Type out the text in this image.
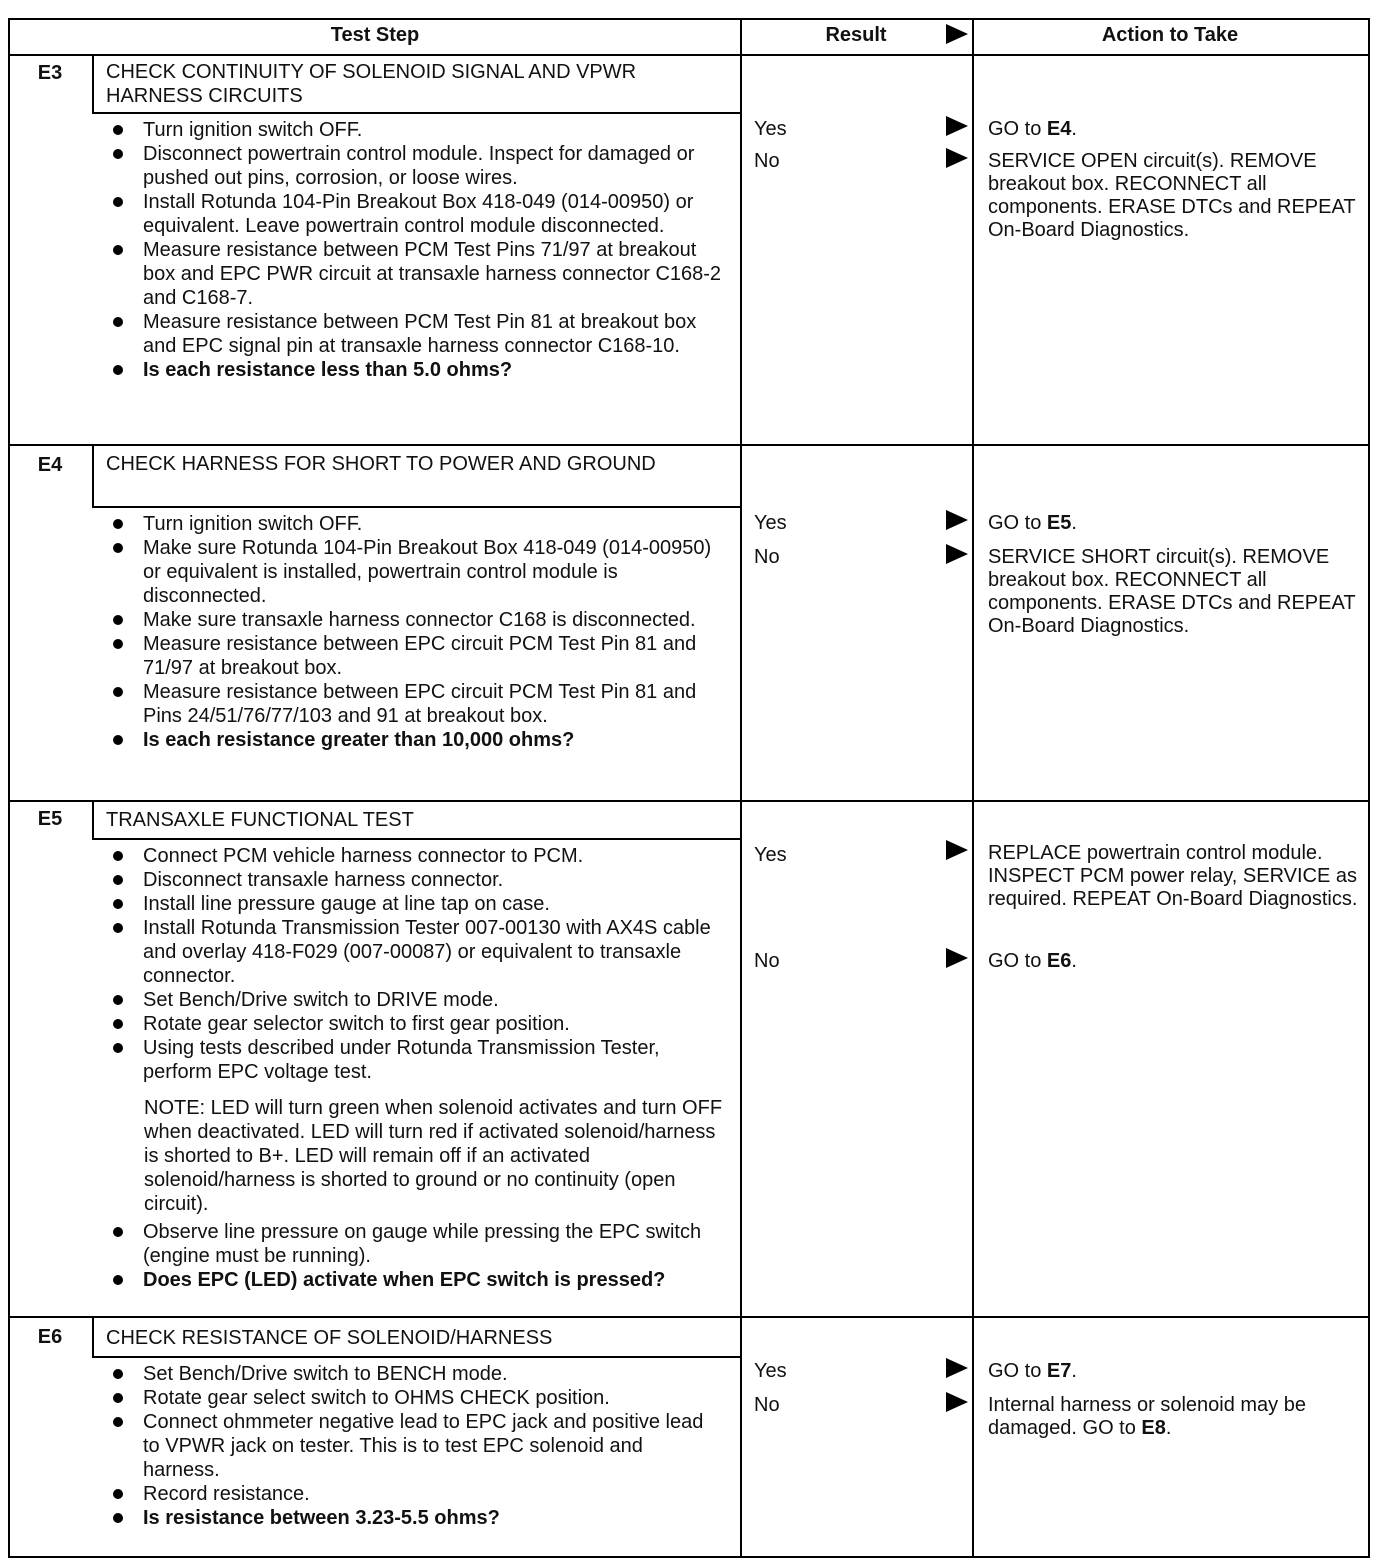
Test Step	Result	Action to Take
E3	CHECK CONTINUITY OF SOLENOID SIGNAL AND VPWR HARNESS CIRCUITS
Turn ignition switch OFF.
Disconnect powertrain control module. Inspect for damaged or pushed out pins, corrosion, or loose wires.
Install Rotunda 104-Pin Breakout Box 418-049 (014-00950) or equivalent. Leave powertrain control module disconnected.
Measure resistance between PCM Test Pins 71/97 at breakout box and EPC PWR circuit at transaxle harness connector C168-2 and C168-7.
Measure resistance between PCM Test Pin 81 at breakout box and EPC signal pin at transaxle harness connector C168-10.
Is each resistance less than 5.0 ohms?
Yes	GO to E4.
No	SERVICE OPEN circuit(s). REMOVE breakout box. RECONNECT all components. ERASE DTCs and REPEAT On-Board Diagnostics.
E4	CHECK HARNESS FOR SHORT TO POWER AND GROUND
Turn ignition switch OFF.
Make sure Rotunda 104-Pin Breakout Box 418-049 (014-00950) or equivalent is installed, powertrain control module is disconnected.
Make sure transaxle harness connector C168 is disconnected.
Measure resistance between EPC circuit PCM Test Pin 81 and 71/97 at breakout box.
Measure resistance between EPC circuit PCM Test Pin 81 and Pins 24/51/76/77/103 and 91 at breakout box.
Is each resistance greater than 10,000 ohms?
Yes	GO to E5.
No	SERVICE SHORT circuit(s). REMOVE breakout box. RECONNECT all components. ERASE DTCs and REPEAT On-Board Diagnostics.
E5	TRANSAXLE FUNCTIONAL TEST
Connect PCM vehicle harness connector to PCM.
Disconnect transaxle harness connector.
Install line pressure gauge at line tap on case.
Install Rotunda Transmission Tester 007-00130 with AX4S cable and overlay 418-F029 (007-00087) or equivalent to transaxle connector.
Set Bench/Drive switch to DRIVE mode.
Rotate gear selector switch to first gear position.
Using tests described under Rotunda Transmission Tester, perform EPC voltage test.
NOTE: LED will turn green when solenoid activates and turn OFF when deactivated. LED will turn red if activated solenoid/harness is shorted to B+. LED will remain off if an activated solenoid/harness is shorted to ground or no continuity (open circuit).
Observe line pressure on gauge while pressing the EPC switch (engine must be running).
Does EPC (LED) activate when EPC switch is pressed?
Yes	REPLACE powertrain control module. INSPECT PCM power relay, SERVICE as required. REPEAT On-Board Diagnostics.
No	GO to E6.
E6	CHECK RESISTANCE OF SOLENOID/HARNESS
Set Bench/Drive switch to BENCH mode.
Rotate gear select switch to OHMS CHECK position.
Connect ohmmeter negative lead to EPC jack and positive lead to VPWR jack on tester. This is to test EPC solenoid and harness.
Record resistance.
Is resistance between 3.23-5.5 ohms?
Yes	GO to E7.
No	Internal harness or solenoid may be damaged. GO to E8.
